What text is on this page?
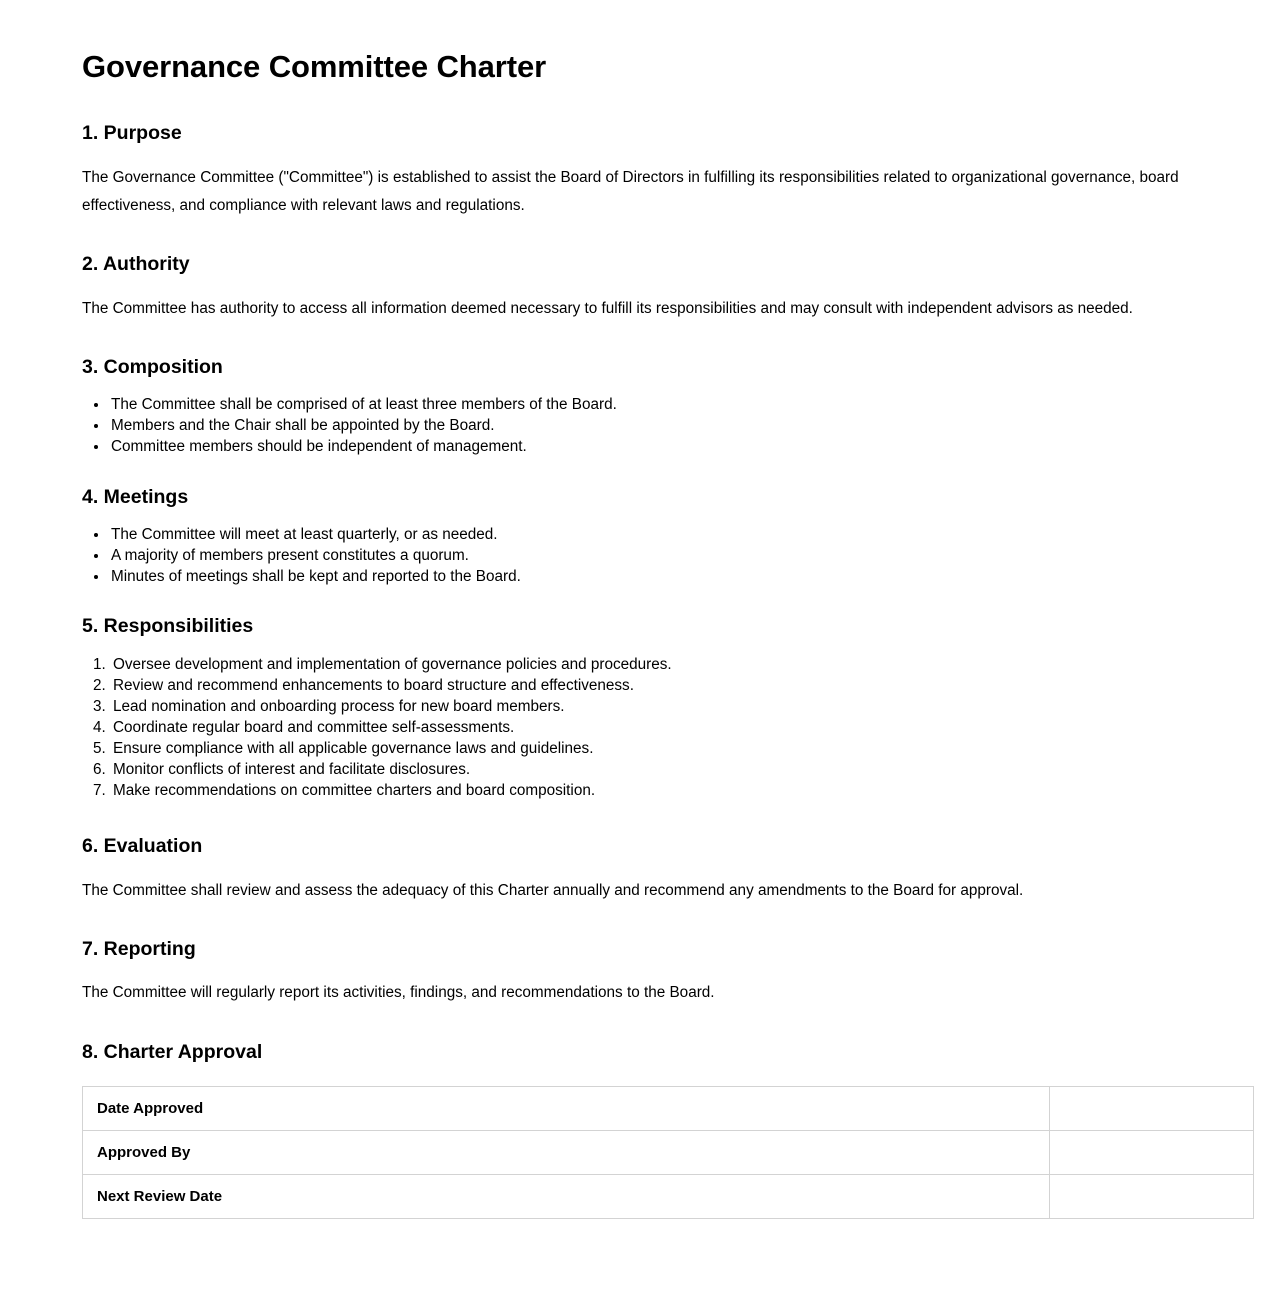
Governance Committee Charter
1. Purpose

The Governance Committee ("Committee") is established to assist the Board of Directors in fulfilling its responsibilities related to organizational governance, board effectiveness, and compliance with relevant laws and regulations.

2. Authority

The Committee has authority to access all information deemed necessary to fulfill its responsibilities and may consult with independent advisors as needed.

3. Composition
• The Committee shall be comprised of at least three members of the Board.
• Members and the Chair shall be appointed by the Board.
• Committee members should be independent of management.
4. Meetings
• The Committee will meet at least quarterly, or as needed.
• A majority of members present constitutes a quorum.
• Minutes of meetings shall be kept and reported to the Board.
5. Responsibilities
1. Oversee development and implementation of governance policies and procedures.
2. Review and recommend enhancements to board structure and effectiveness.
3. Lead nomination and onboarding process for new board members.
4. Coordinate regular board and committee self-assessments.
5. Ensure compliance with all applicable governance laws and guidelines.
6. Monitor conflicts of interest and facilitate disclosures.
7. Make recommendations on committee charters and board composition.
6. Evaluation

The Committee shall review and assess the adequacy of this Charter annually and recommend any amendments to the Board for approval.

7. Reporting

The Committee will regularly report its activities, findings, and recommendations to the Board.

8. Charter Approval
Date Approved	
Approved By	
Next Review Date	
